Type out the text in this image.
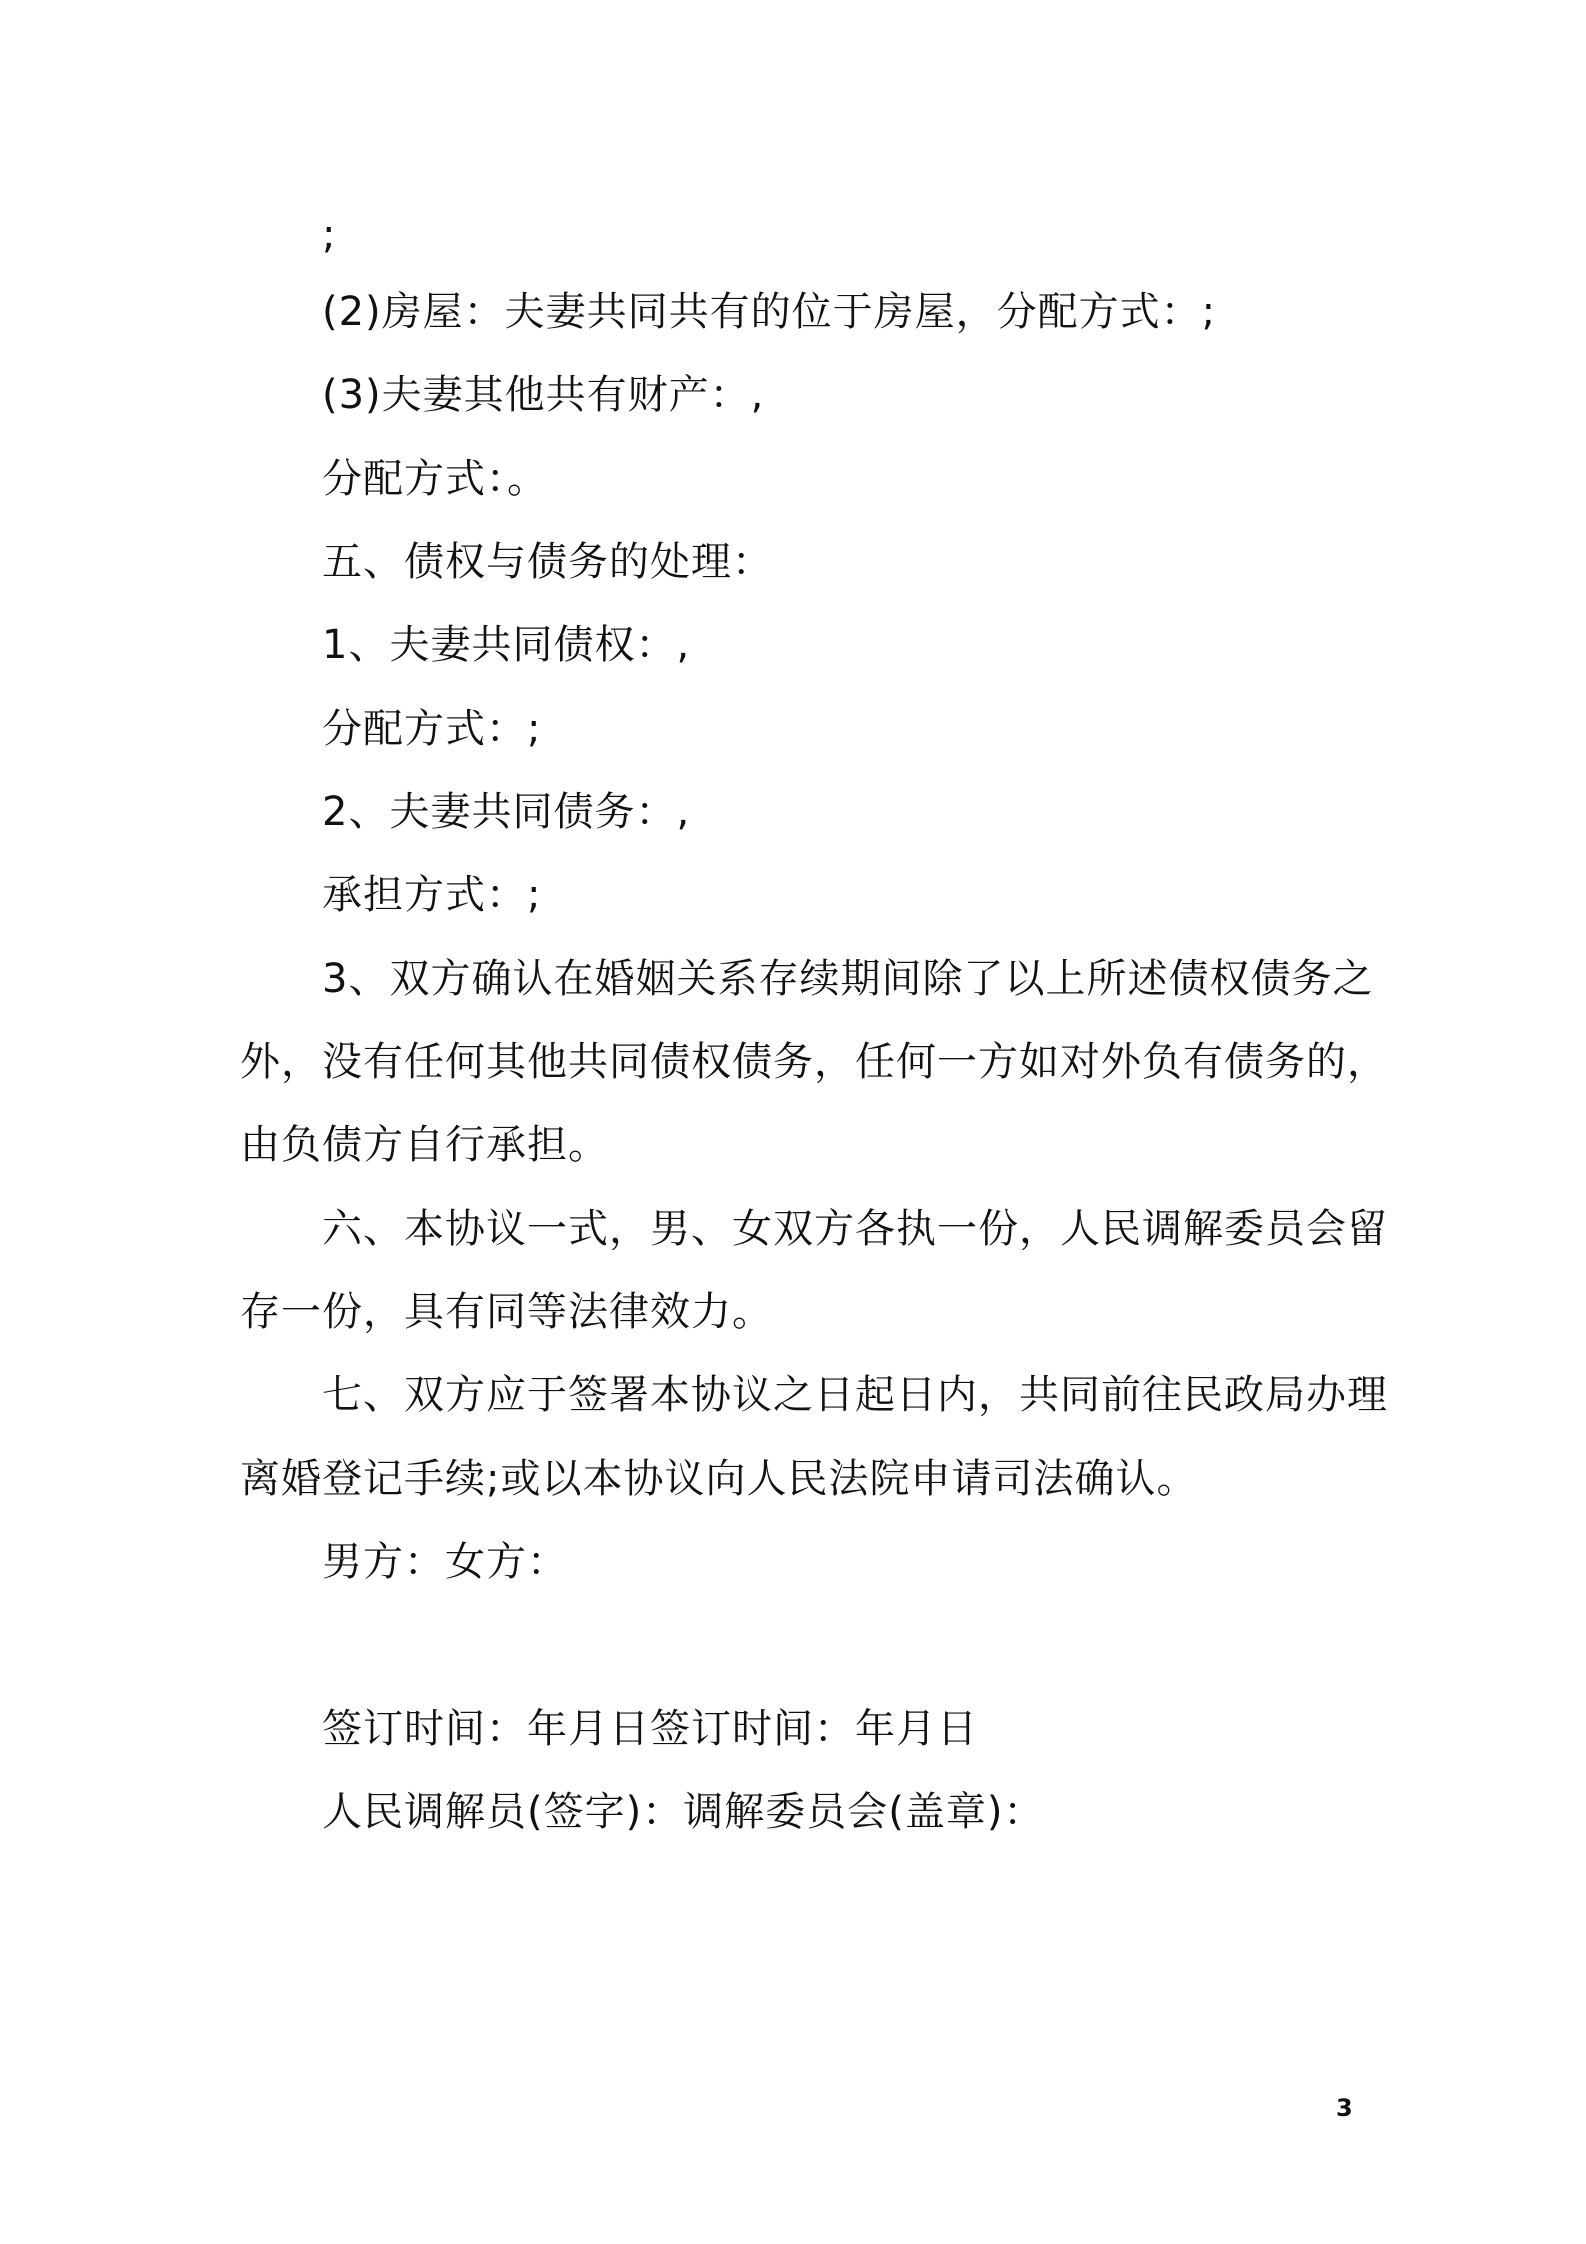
;
(2)房屋：夫妻共同共有的位于房屋，分配方式：;
(3)夫妻其他共有财产：,
分配方式：。
五、债权与债务的处理：
1、夫妻共同债权：,
分配方式：;
2、夫妻共同债务：,
承担方式：;
3、双方确认在婚姻关系存续期间除了以上所述债权债务之
外，没有任何其他共同债权债务，任何一方如对外负有债务的，
由负债方自行承担。
六、本协议一式，男、女双方各执一份，人民调解委员会留
存一份，具有同等法律效力。
七、双方应于签署本协议之日起日内，共同前往民政局办理
离婚登记手续;或以本协议向人民法院申请司法确认。
男方：女方：
签订时间：年月日签订时间：年月日
人民调解员(签字)：调解委员会(盖章)：
3
